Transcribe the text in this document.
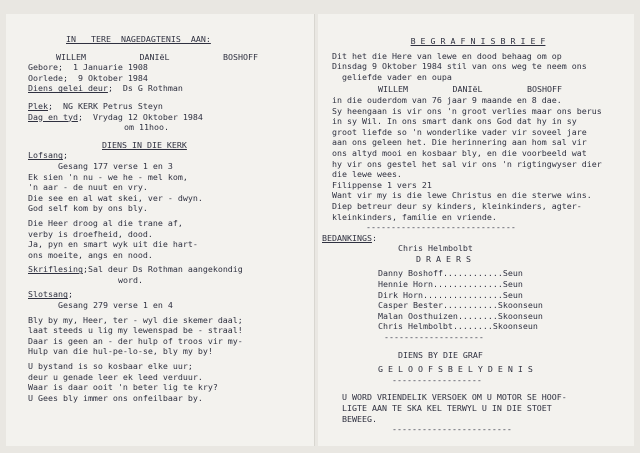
IN   TERE  NAGEDAGTENIS  AAN:
WILLEM	DANIëL	BOSHOFF
Gebore;  1 Januarie 1908
Oorlede;  9 Oktober 1984
Diens gelei deur;  Ds G Rothman
Plek;  NG KERK Petrus Steyn
Dag en tyd;  Vrydag 12 Oktober 1984
om 11hoo.
DIENS IN DIE KERK
Lofsang;
Gesang 177 verse 1 en 3
Ek sien 'n nu - we he - mel kom,
'n aar - de nuut en vry.
Die see en al wat skei, ver - dwyn.
God self kom by ons bly.
Die Heer droog al die trane af,
verby is droefheid, dood.
Ja, pyn en smart wyk uit die hart-
ons moeite, angs en nood.
Skriflesing;Sal deur Ds Rothman aangekondig
word.
Slotsang;
Gesang 279 verse 1 en 4
Bly by my, Heer, ter - wyl die skemer daal;
laat steeds u lig my lewenspad be - straal!
Daar is geen an - der hulp of troos vir my-
Hulp van die hul-pe-lo-se, bly my by!
U bystand is so kosbaar elke uur;
deur u genade leer ek leed verduur.
Waar is daar ooit 'n beter lig te kry?
U Gees bly immer ons onfeilbaar by.
B E G R A F N I S B R I E F
Dit het die Here van lewe en dood behaag om op
Dinsdag 9 Oktober 1984 stil van ons weg te neem ons
geliefde vader en oupa
WILLEM	DANIëL	BOSHOFF
in die ouderdom van 76 jaar 9 maande en 8 dae.
Sy heengaan is vir ons 'n groot verlies maar ons berus
in sy Wil. In ons smart dank ons God dat hy in sy
groot liefde so 'n wonderlike vader vir soveel jare
aan ons geleen het. Die herinnering aan hom sal vir
ons altyd mooi en kosbaar bly, en die voorbeeld wat
hy vir ons gestel het sal vir ons 'n rigtingwyser dier
die lewe wees.
Filippense 1 vers 21
Want vir my is die lewe Christus en die sterwe wins.
Diep betreur deur sy kinders, kleinkinders, agter-
kleinkinders, familie en vriende.
------------------------------
BEDANKINGS:
Chris Helmbolbt
D R A E R S
Danny Boshoff............Seun
Hennie Horn..............Seun
Dirk Horn................Seun
Casper Bester...........Skoonseun
Malan Oosthuizen........Skoonseun
Chris Helmbolbt........Skoonseun
--------------------
DIENS BY DIE GRAF
G E L O O F S B E L Y D E N I S
------------------
U WORD VRIENDELIK VERSOEK OM U MOTOR SE HOOF-
LIGTE AAN TE SKA KEL TERWYL U IN DIE STOET
BEWEEG.
------------------------
